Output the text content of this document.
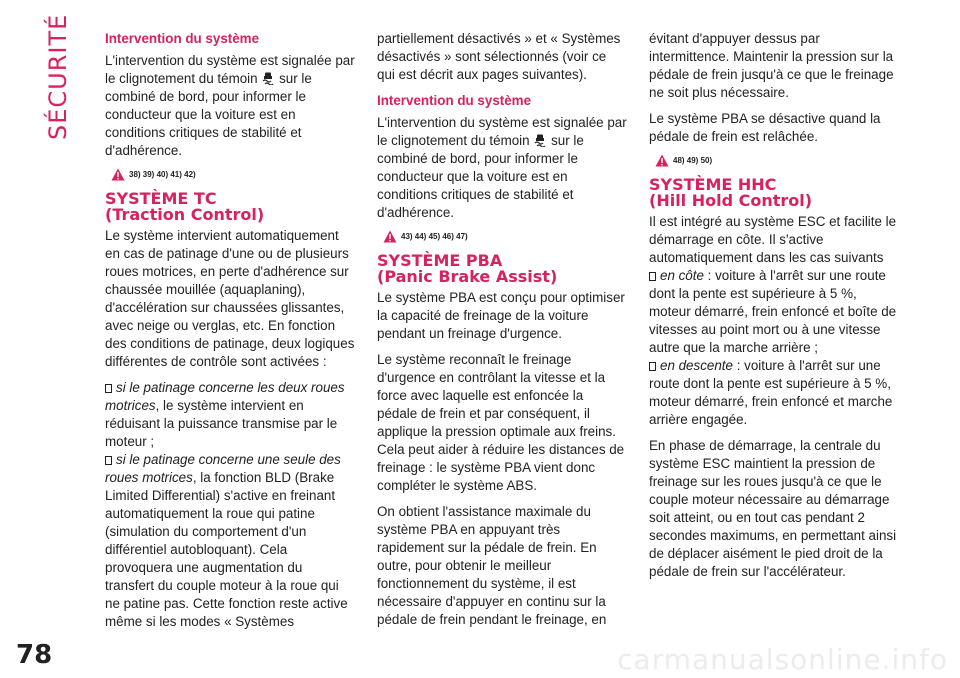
SÉCURITÉ Intervention du système

L'intervention du système est signalée par le clignotement du témoin sur le combiné de bord, pour informer le conducteur que la voiture est en conditions critiques de stabilité et d'adhérence.

38) 39) 40) 41) 42)
SYSTÈME TC
(Traction Control)

Le système intervient automatiquement en cas de patinage d'une ou de plusieurs roues motrices, en perte d'adhérence sur chaussée mouillée (aquaplaning), d'accélération sur chaussées glissantes, avec neige ou verglas, etc. En fonction des conditions de patinage, deux logiques différentes de contrôle sont activées :

si le patinage concerne les deux roues motrices, le système intervient en réduisant la puissance transmise par le moteur ;

si le patinage concerne une seule des roues motrices, la fonction BLD (Brake Limited Differential) s'active en freinant automatiquement la roue qui patine (simulation du comportement d'un différentiel autobloquant). Cela provoquera une augmentation du transfert du couple moteur à la roue qui ne patine pas. Cette fonction reste active même si les modes « Systèmes

partiellement désactivés » et « Systèmes désactivés » sont sélectionnés (voir ce qui est décrit aux pages suivantes).

Intervention du système

L'intervention du système est signalée par le clignotement du témoin sur le combiné de bord, pour informer le conducteur que la voiture est en conditions critiques de stabilité et d'adhérence.

43) 44) 45) 46) 47)
SYSTÈME PBA
(Panic Brake Assist)

Le système PBA est conçu pour optimiser la capacité de freinage de la voiture pendant un freinage d'urgence.

Le système reconnaît le freinage d'urgence en contrôlant la vitesse et la force avec laquelle est enfoncée la pédale de frein et par conséquent, il applique la pression optimale aux freins. Cela peut aider à réduire les distances de freinage : le système PBA vient donc compléter le système ABS.

On obtient l'assistance maximale du système PBA en appuyant très rapidement sur la pédale de frein. En outre, pour obtenir le meilleur fonctionnement du système, il est nécessaire d'appuyer en continu sur la pédale de frein pendant le freinage, en

évitant d'appuyer dessus par intermittence. Maintenir la pression sur la pédale de frein jusqu'à ce que le freinage ne soit plus nécessaire.

Le système PBA se désactive quand la pédale de frein est relâchée.

48) 49) 50)
SYSTÈME HHC
(Hill Hold Control)

Il est intégré au système ESC et facilite le démarrage en côte. Il s'active automatiquement dans les cas suivants

en côte : voiture à l'arrêt sur une route dont la pente est supérieure à 5 %, moteur démarré, frein enfoncé et boîte de vitesses au point mort ou à une vitesse autre que la marche arrière ;

en descente : voiture à l'arrêt sur une route dont la pente est supérieure à 5 %, moteur démarré, frein enfoncé et marche arrière engagée.

En phase de démarrage, la centrale du système ESC maintient la pression de freinage sur les roues jusqu'à ce que le couple moteur nécessaire au démarrage soit atteint, ou en tout cas pendant 2 secondes maximums, en permettant ainsi de déplacer aisément le pied droit de la pédale de frein sur l'accélérateur.

78	carmanualsonline.info
